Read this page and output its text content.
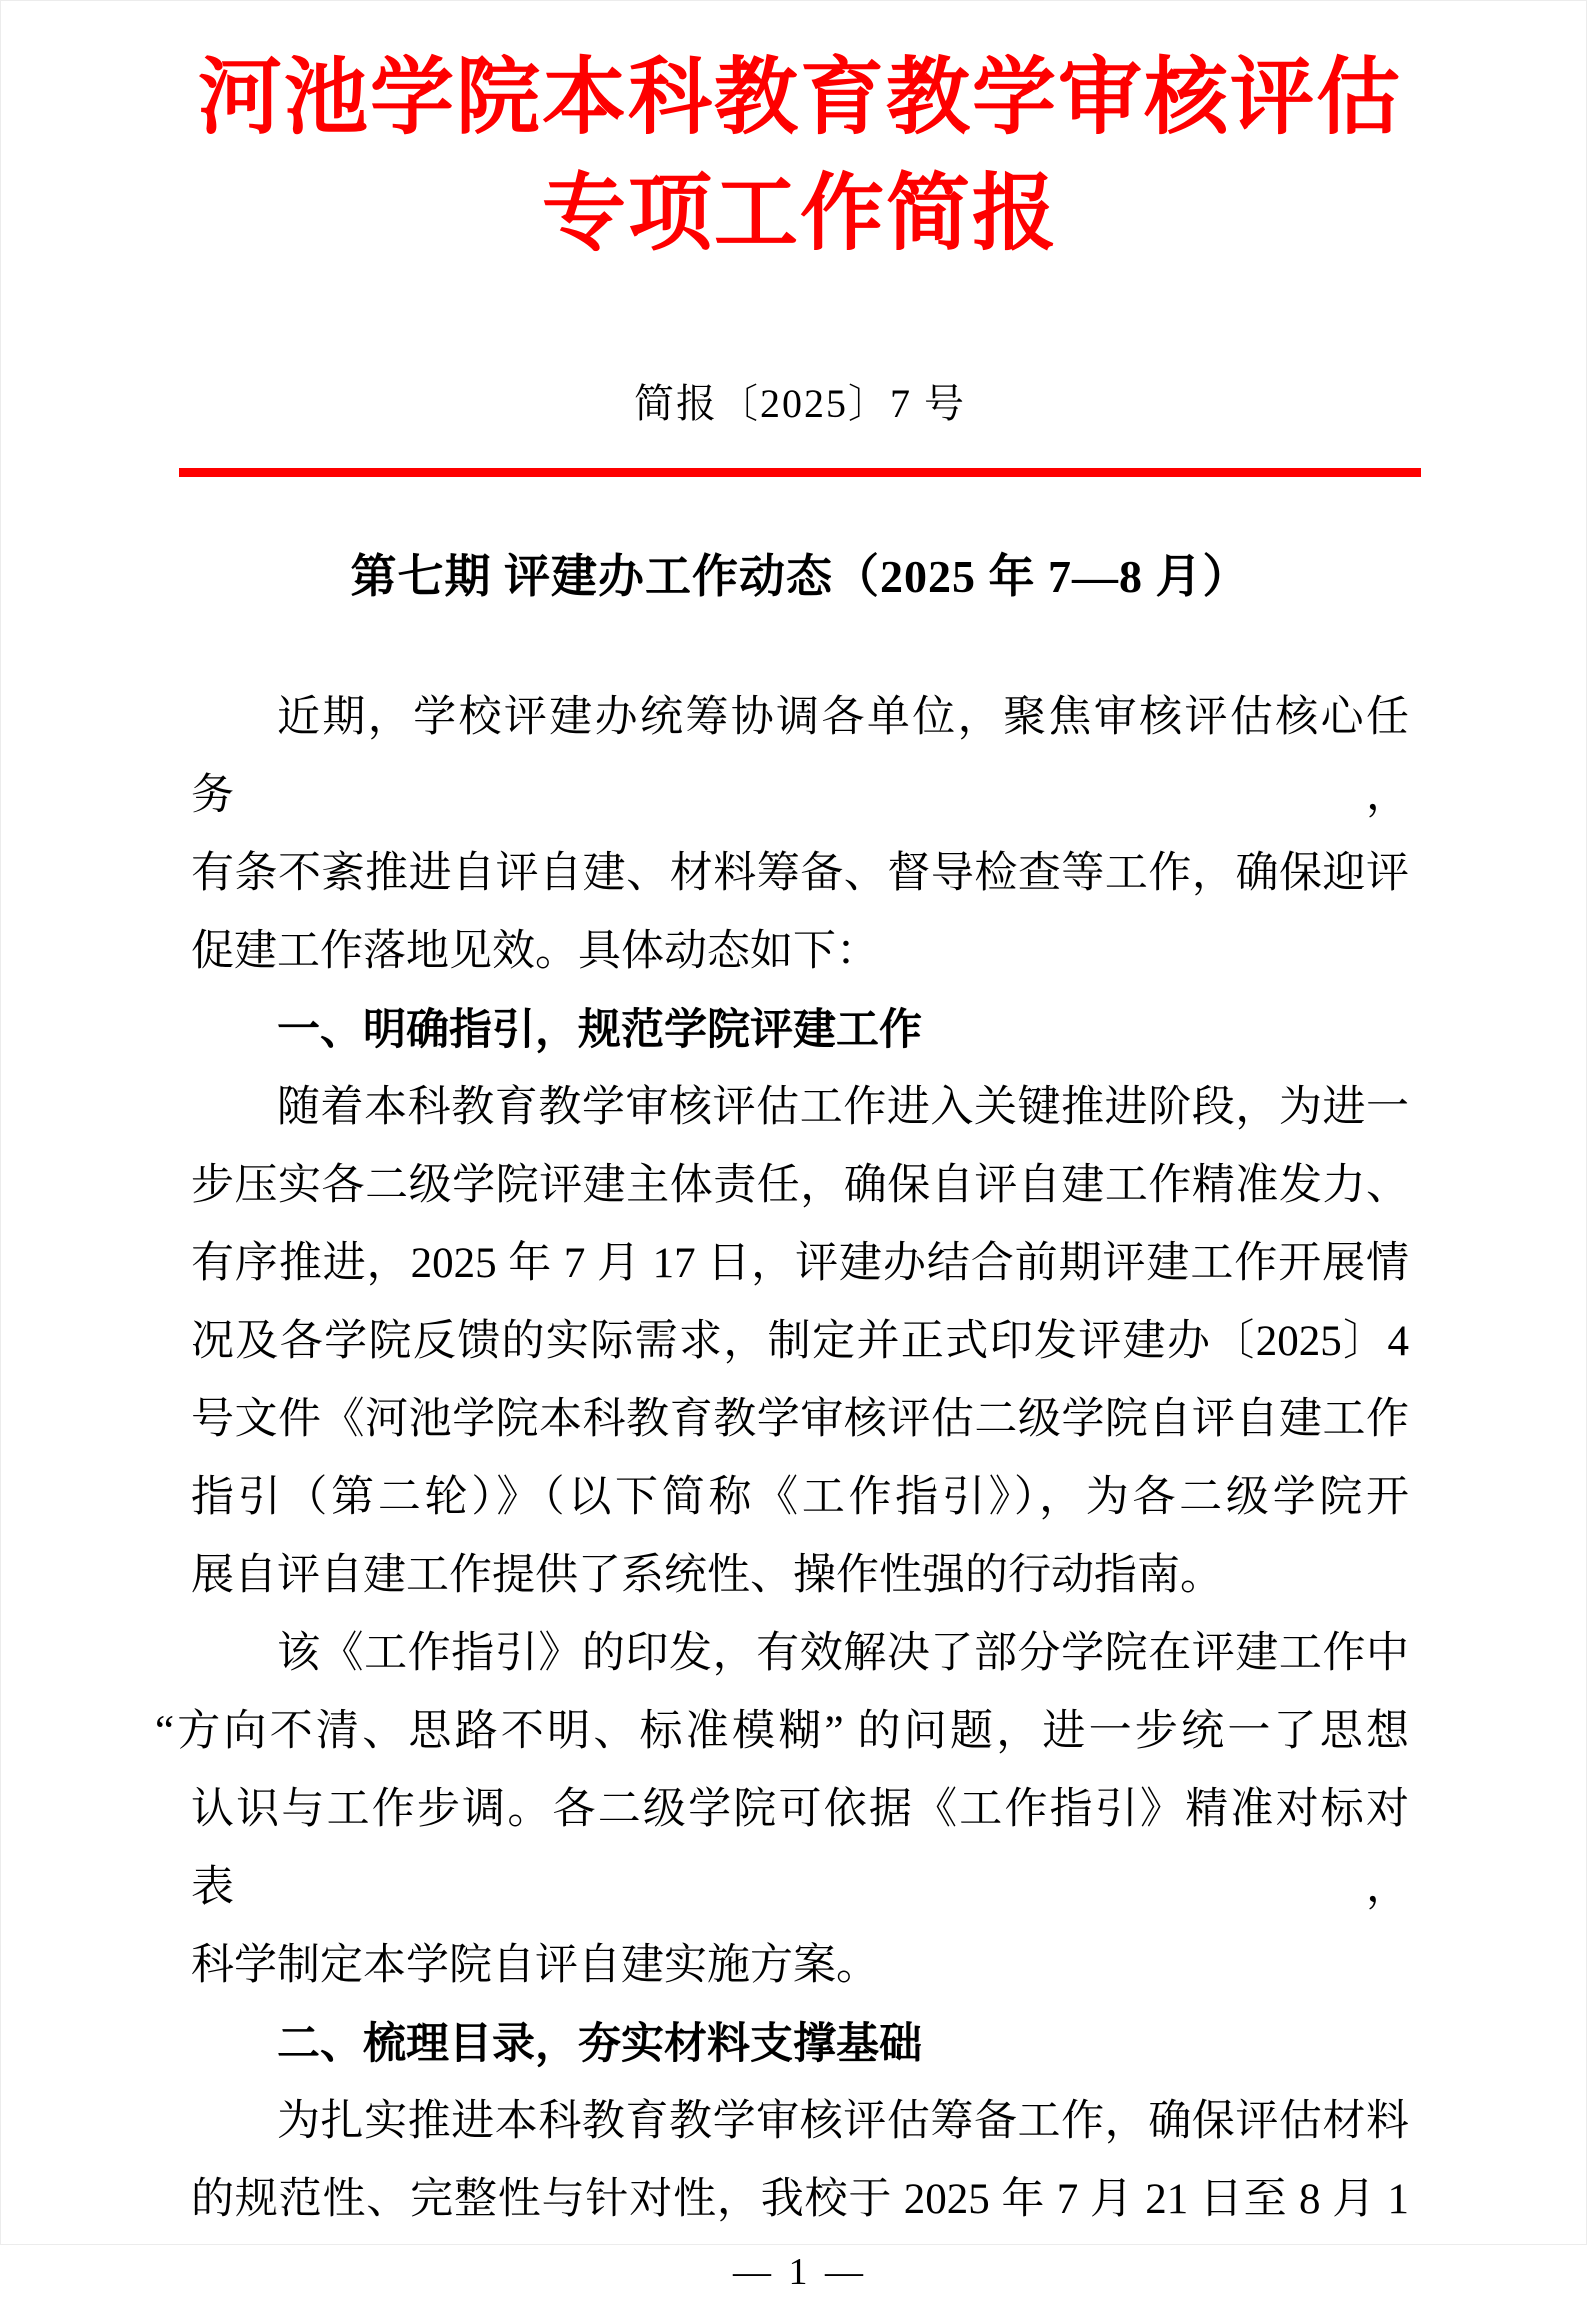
河池学院本科教育教学审核评估
专项工作简报
简报〔2025〕7 号
第七期 评建办工作动态（2025 年 7—8 月）
近期，学校评建办统筹协调各单位，聚焦审核评估核心任务，
有条不紊推进自评自建、材料筹备、督导检查等工作，确保迎评
促建工作落地见效。具体动态如下：
一、明确指引，规范学院评建工作
随着本科教育教学审核评估工作进入关键推进阶段，为进一
步压实各二级学院评建主体责任，确保自评自建工作精准发力、
有序推进，2025 年 7 月 17 日，评建办结合前期评建工作开展情
况及各学院反馈的实际需求，制定并正式印发评建办〔2025〕4
号文件《河池学院本科教育教学审核评估二级学院自评自建工作
指引（第二轮）》（以下简称《工作指引》），为各二级学院开
展自评自建工作提供了系统性、操作性强的行动指南。
该《工作指引》的印发，有效解决了部分学院在评建工作中
“方向不清、思路不明、标准模糊” 的问题，进一步统一了思想
认识与工作步调。各二级学院可依据《工作指引》精准对标对表，
科学制定本学院自评自建实施方案。
二、梳理目录，夯实材料支撑基础
为扎实推进本科教育教学审核评估筹备工作，确保评估材料
的规范性、完整性与针对性，我校于 2025 年 7 月 21 日至 8 月 1
— 1 —
